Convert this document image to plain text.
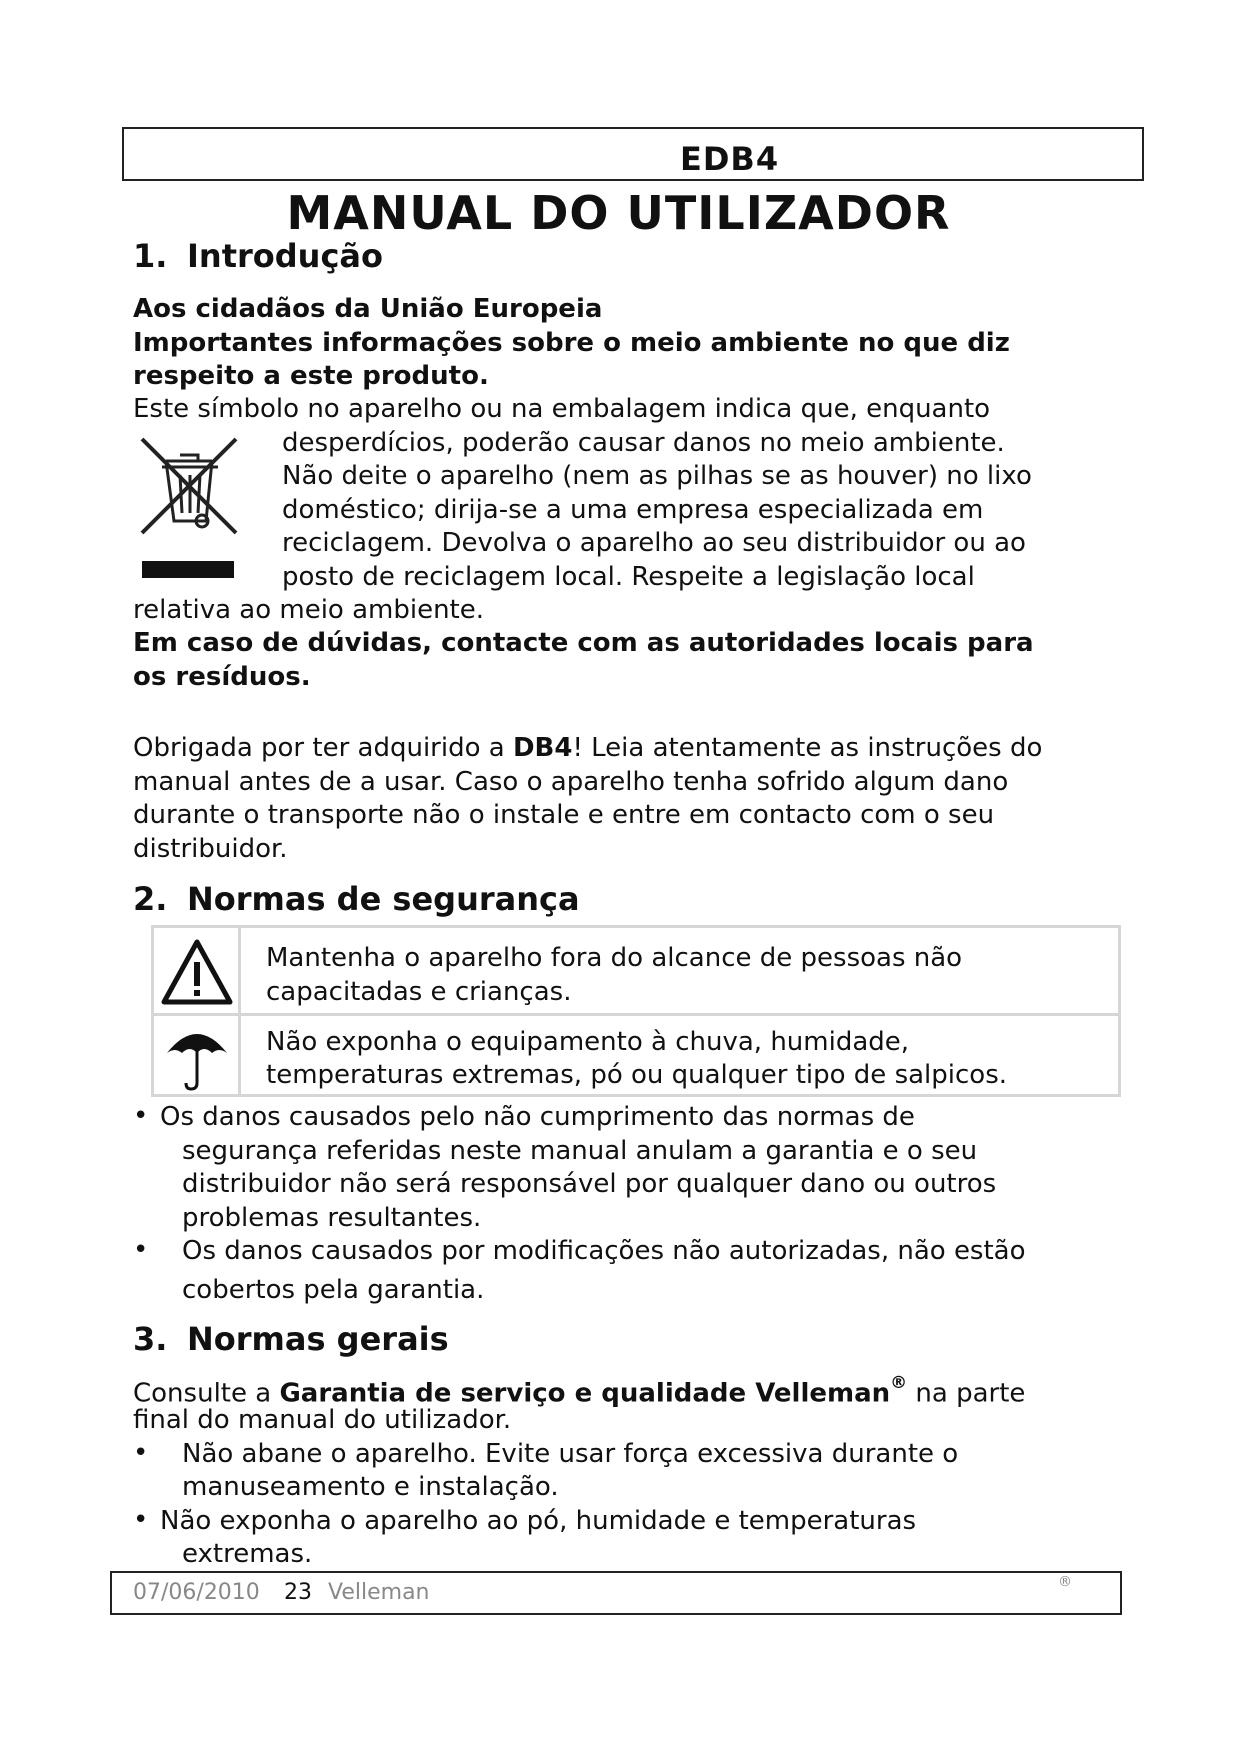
EDB4
MANUAL DO UTILIZADOR
1. Introdução
Aos cidadãos da União Europeia
Importantes informações sobre o meio ambiente no que diz
respeito a este produto.
Este símbolo no aparelho ou na embalagem indica que, enquanto
desperdícios, poderão causar danos no meio ambiente.
Não deite o aparelho (nem as pilhas se as houver) no lixo
doméstico; dirija-se a uma empresa especializada em
reciclagem. Devolva o aparelho ao seu distribuidor ou ao
posto de reciclagem local. Respeite a legislação local
relativa ao meio ambiente.
Em caso de dúvidas, contacte com as autoridades locais para
os resíduos.
Obrigada por ter adquirido a DB4! Leia atentamente as instruções do
manual antes de a usar. Caso o aparelho tenha sofrido algum dano
durante o transporte não o instale e entre em contacto com o seu
distribuidor.
2. Normas de segurança
Mantenha o aparelho fora do alcance de pessoas não
capacitadas e crianças.
Não exponha o equipamento à chuva, humidade,
temperaturas extremas, pó ou qualquer tipo de salpicos.
• Os danos causados pelo não cumprimento das normas de
segurança referidas neste manual anulam a garantia e o seu
distribuidor não será responsável por qualquer dano ou outros
problemas resultantes.
• Os danos causados por modificações não autorizadas, não estão
cobertos pela garantia.
3. Normas gerais
Consulte a Garantia de serviço e qualidade Velleman® na parte
final do manual do utilizador.
• Não abane o aparelho. Evite usar força excessiva durante o
manuseamento e instalação.
• Não exponha o aparelho ao pó, humidade e temperaturas
extremas.
07/06/2010 23 Velleman	®
